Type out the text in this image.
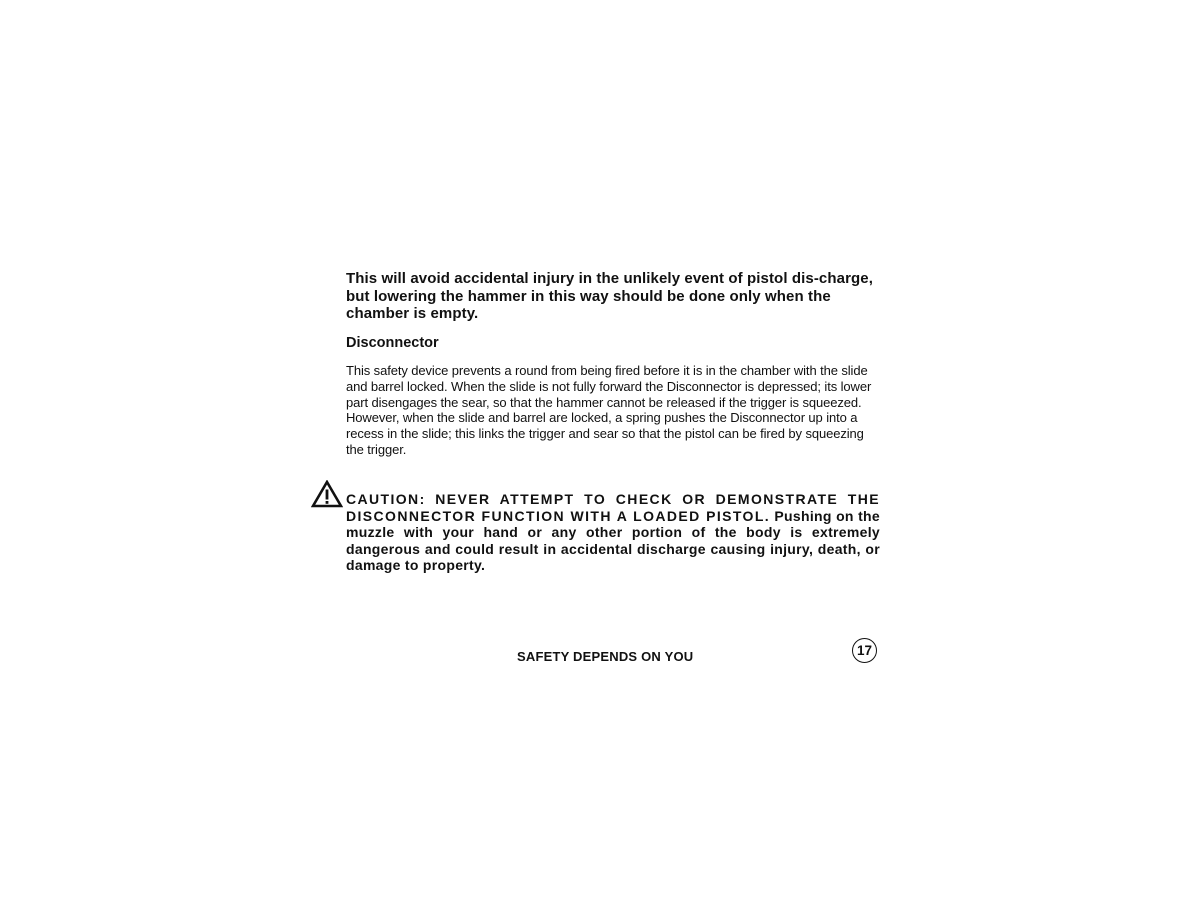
This will avoid accidental injury in the unlikely event of pistol dis-charge, but lowering the hammer in this way should be done only when the chamber is empty.
Disconnector
This safety device prevents a round from being fired before it is in the chamber with the slide and barrel locked. When the slide is not fully forward the Disconnector is depressed; its lower part disengages the sear, so that the hammer cannot be released if the trigger is squeezed. However, when the slide and barrel are locked, a spring pushes the Disconnector up into a recess in the slide; this links the trigger and sear so that the pistol can be fired by squeezing the trigger.
CAUTION: NEVER ATTEMPT TO CHECK OR DEMONSTRATE THE DISCONNECTOR FUNCTION WITH A LOADED PISTOL. Pushing on the muzzle with your hand or any other portion of the body is extremely dangerous and could result in accidental discharge causing injury, death, or damage to property.
SAFETY DEPENDS ON YOU	17
